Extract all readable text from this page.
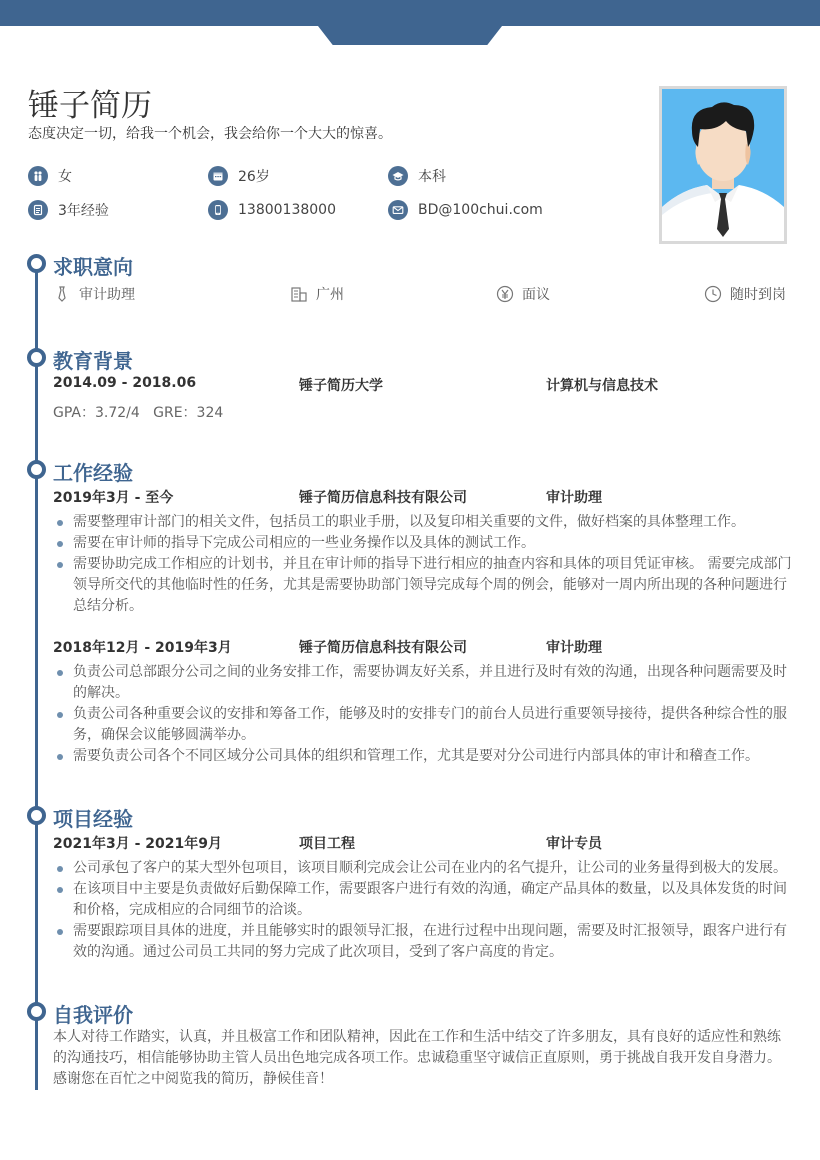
锤子简历
态度决定一切，给我一个机会，我会给你一个大大的惊喜。
女	26岁	本科
3年经验	13800138000	BD@100chui.com
求职意向
审计助理	广州	面议	随时到岗
教育背景
2014.09 - 2018.06	锤子简历大学	计算机与信息技术
GPA：3.72/4   GRE：324
工作经验
2019年3月 - 至今	锤子简历信息科技有限公司	审计助理
需要整理审计部门的相关文件，包括员工的职业手册，以及复印相关重要的文件，做好档案的具体整理工作。
需要在审计师的指导下完成公司相应的一些业务操作以及具体的测试工作。
需要协助完成工作相应的计划书，并且在审计师的指导下进行相应的抽查内容和具体的项目凭证审核。 需要完成部门领导所交代的其他临时性的任务，尤其是需要协助部门领导完成每个周的例会，能够对一周内所出现的各种问题进行总结分析。
2018年12月 - 2019年3月	锤子简历信息科技有限公司	审计助理
负责公司总部跟分公司之间的业务安排工作，需要协调友好关系，并且进行及时有效的沟通，出现各种问题需要及时的解决。
负责公司各种重要会议的安排和筹备工作，能够及时的安排专门的前台人员进行重要领导接待，提供各种综合性的服务，确保会议能够圆满举办。
需要负责公司各个不同区域分公司具体的组织和管理工作，尤其是要对分公司进行内部具体的审计和稽查工作。
项目经验
2021年3月 - 2021年9月	项目工程	审计专员
公司承包了客户的某大型外包项目，该项目顺利完成会让公司在业内的名气提升，让公司的业务量得到极大的发展。
在该项目中主要是负责做好后勤保障工作，需要跟客户进行有效的沟通，确定产品具体的数量，以及具体发货的时间和价格，完成相应的合同细节的洽谈。
需要跟踪项目具体的进度，并且能够实时的跟领导汇报，在进行过程中出现问题，需要及时汇报领导，跟客户进行有效的沟通。通过公司员工共同的努力完成了此次项目，受到了客户高度的肯定。
自我评价
本人对待工作踏实，认真，并且极富工作和团队精神，因此在工作和生活中结交了许多朋友，具有良好的适应性和熟练的沟通技巧，相信能够协助主管人员出色地完成各项工作。忠诚稳重坚守诚信正直原则，勇于挑战自我开发自身潜力。感谢您在百忙之中阅览我的简历，静候佳音！
